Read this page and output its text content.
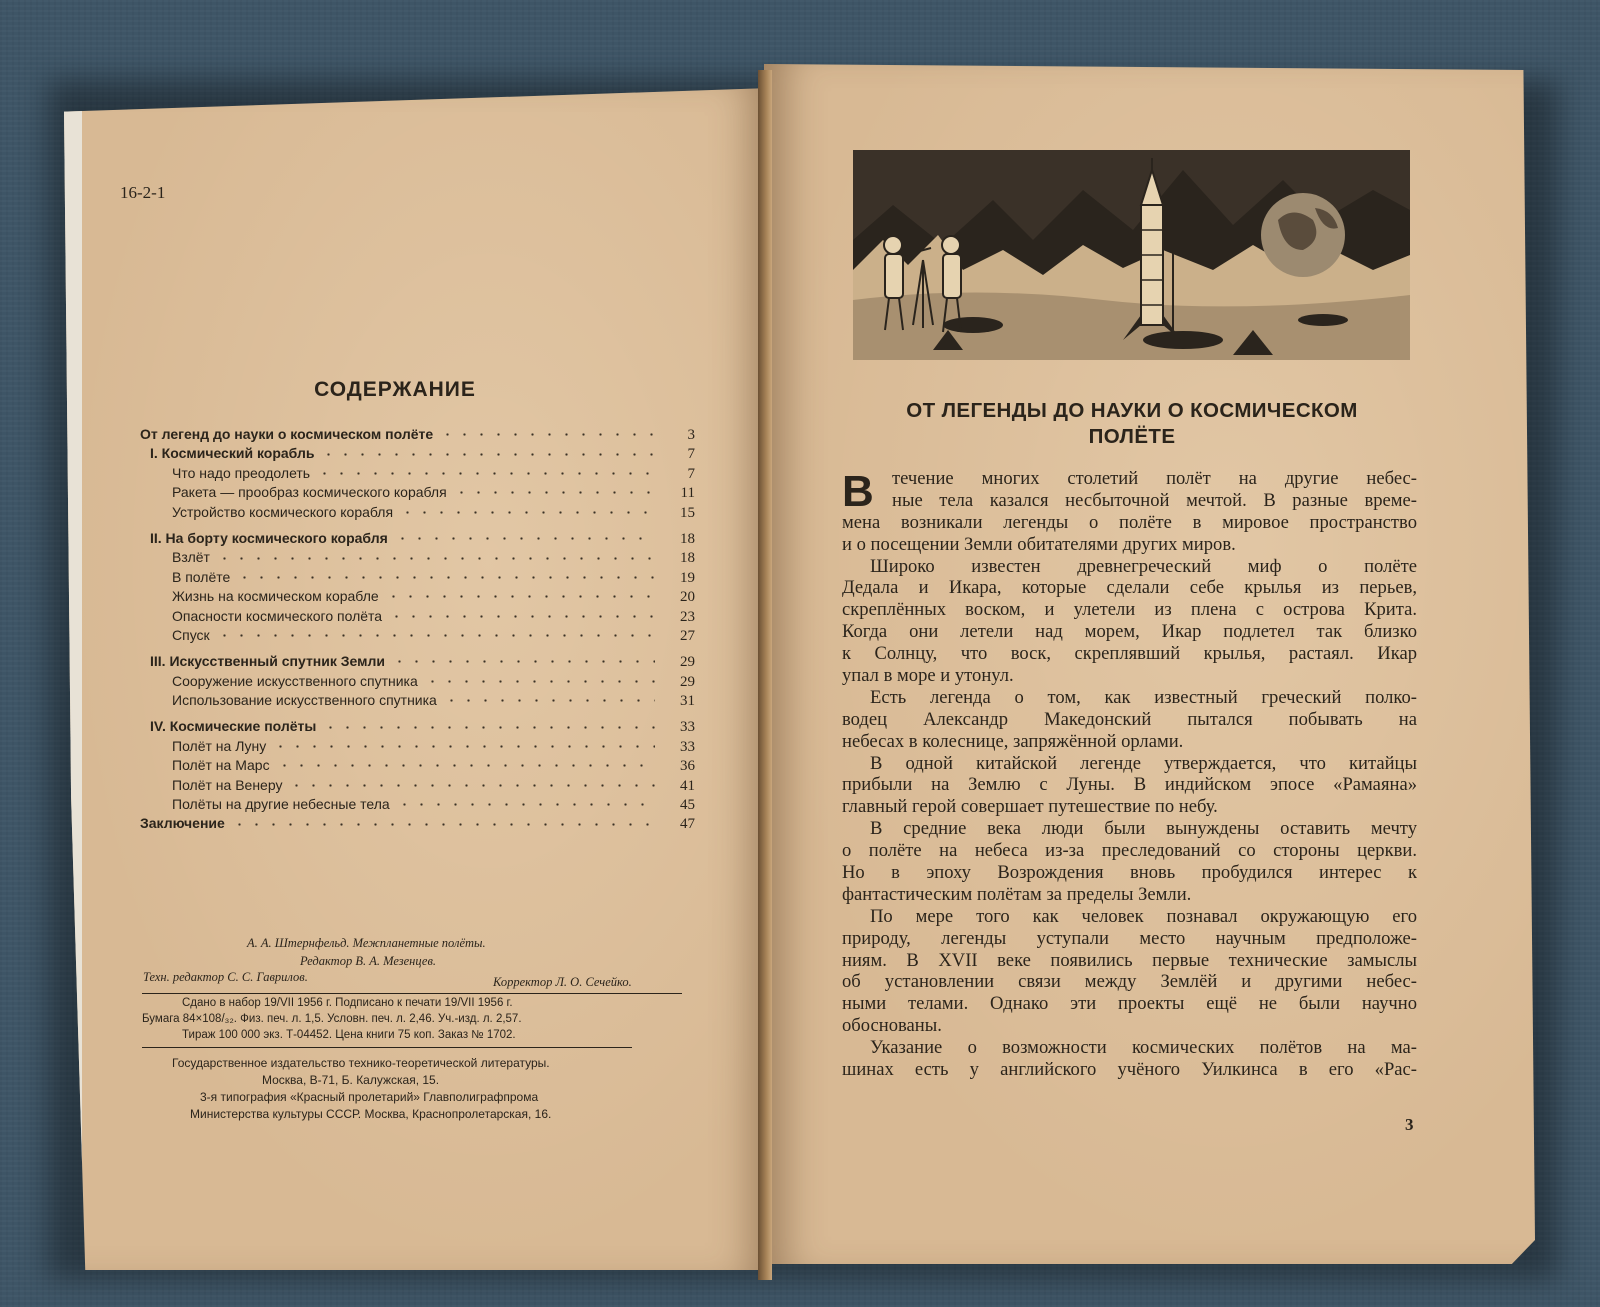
16-2-1
СОДЕРЖАНИЕ
От легенд до науки о космическом полёте	3
I. Космический корабль	7
Что надо преодолеть	7
Ракета — прообраз космического корабля	11
Устройство космического корабля	15
II. На борту космического корабля	18
Взлёт	18
В полёте	19
Жизнь на космическом корабле	20
Опасности космического полёта	23
Спуск	27
III. Искусственный спутник Земли	29
Сооружение искусственного спутника	29
Использование искусственного спутника	31
IV. Космические полёты	33
Полёт на Луну	33
Полёт на Марс	36
Полёт на Венеру	41
Полёты на другие небесные тела	45
Заключение	47
А. А. Штернфельд. Межпланетные полёты.
Редактор В. А. Мезенцев.
Техн. редактор С. С. Гаврилов.	Корректор Л. О. Сечейко.
Сдано в набор 19/VII 1956 г. Подписано к печати 19/VII 1956 г.
Бумага 84×108/₃₂. Физ. печ. л. 1,5. Условн. печ. л. 2,46. Уч.-изд. л. 2,57.
Тираж 100 000 экз. Т-04452. Цена книги 75 коп. Заказ № 1702.
Государственное издательство технико-теоретической литературы.
Москва, В-71, Б. Калужская, 15.
3-я типография «Красный пролетарий» Главполиграфпрома
Министерства культуры СССР. Москва, Краснопролетарская, 16.
ОТ ЛЕГЕНДЫ ДО НАУКИ О КОСМИЧЕСКОМ
ПОЛЁТЕ
В течение многих столетий полёт на другие небес-
ные тела казался несбыточной мечтой. В разные време-
мена возникали легенды о полёте в мировое пространство
и о посещении Земли обитателями других миров.
Широко известен древнегреческий миф о полёте
Дедала и Икара, которые сделали себе крылья из перьев,
скреплённых воском, и улетели из плена с острова Крита.
Когда они летели над морем, Икар подлетел так близко
к Солнцу, что воск, скреплявший крылья, растаял. Икар
упал в море и утонул.
Есть легенда о том, как известный греческий полко-
водец Александр Македонский пытался побывать на
небесах в колеснице, запряжённой орлами.
В одной китайской легенде утверждается, что китайцы
прибыли на Землю с Луны. В индийском эпосе «Рамаяна»
главный герой совершает путешествие по небу.
В средние века люди были вынуждены оставить мечту
о полёте на небеса из-за преследований со стороны церкви.
Но в эпоху Возрождения вновь пробудился интерес к
фантастическим полётам за пределы Земли.
По мере того как человек познавал окружающую его
природу, легенды уступали место научным предположе-
ниям. В XVII веке появились первые технические замыслы
об установлении связи между Землёй и другими небес-
ными телами. Однако эти проекты ещё не были научно
обоснованы.
Указание о возможности космических полётов на ма-
шинах есть у английского учёного Уилкинса в его «Рас-
3
